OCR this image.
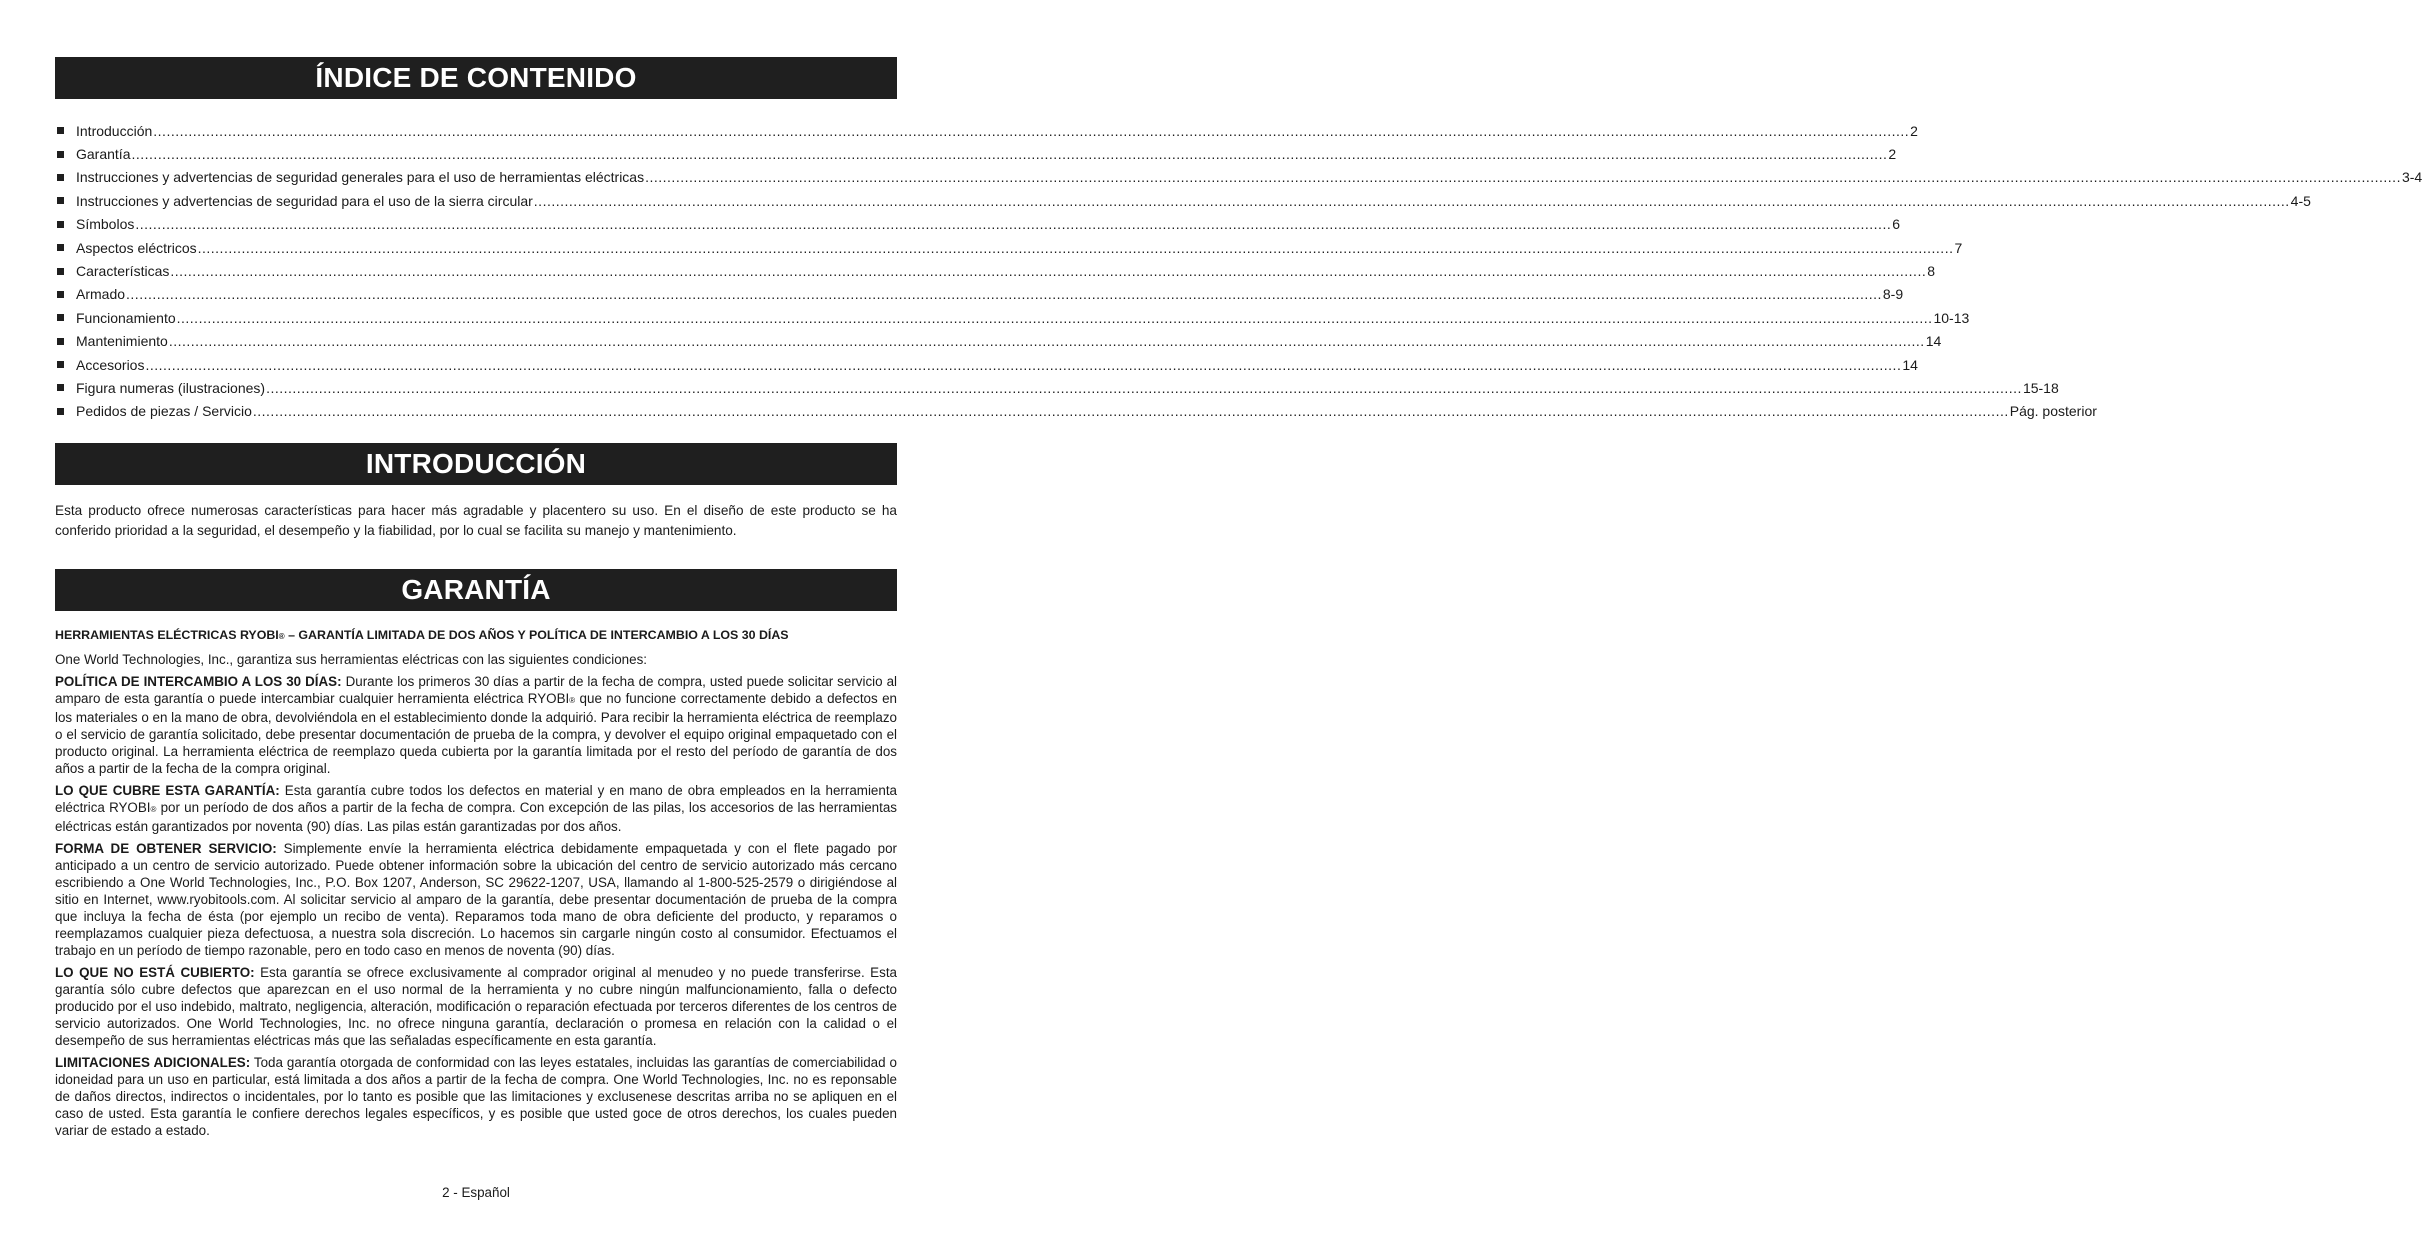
ÍNDICE DE CONTENIDO
Introducción ................................................................................................................................................................................................................................................................................................................................................................................................................ 2
Garantía ................................................................................................................................................................................................................................................................................................................................................................................................................ 2
Instrucciones y advertencias de seguridad generales para el uso de herramientas eléctricas ................................................................................................................................................................................................................................................................................................................................................................................................................ 3-4
Instrucciones y advertencias de seguridad para el uso de la sierra circular ................................................................................................................................................................................................................................................................................................................................................................................................................ 4-5
Símbolos ................................................................................................................................................................................................................................................................................................................................................................................................................ 6
Aspectos eléctricos ................................................................................................................................................................................................................................................................................................................................................................................................................ 7
Características ................................................................................................................................................................................................................................................................................................................................................................................................................ 8
Armado ................................................................................................................................................................................................................................................................................................................................................................................................................ 8-9
Funcionamiento ................................................................................................................................................................................................................................................................................................................................................................................................................ 10-13
Mantenimiento ................................................................................................................................................................................................................................................................................................................................................................................................................ 14
Accesorios ................................................................................................................................................................................................................................................................................................................................................................................................................ 14
Figura numeras (ilustraciones) ................................................................................................................................................................................................................................................................................................................................................................................................................ 15-18
Pedidos de piezas / Servicio ................................................................................................................................................................................................................................................................................................................................................................................................................ Pág. posterior
INTRODUCCIÓN
Esta producto ofrece numerosas características para hacer más agradable y placentero su uso. En el diseño de este producto se ha conferido prioridad a la seguridad, el desempeño y la fiabilidad, por lo cual se facilita su manejo y mantenimiento.
GARANTÍA
HERRAMIENTAS ELÉCTRICAS RYOBI® – GARANTÍA LIMITADA DE DOS AÑOS Y POLÍTICA DE INTERCAMBIO A LOS 30 DÍAS

One World Technologies, Inc., garantiza sus herramientas eléctricas con las siguientes condiciones:

POLÍTICA DE INTERCAMBIO A LOS 30 DÍAS: Durante los primeros 30 días a partir de la fecha de compra, usted puede solicitar servicio al amparo de esta garantía o puede intercambiar cualquier herramienta eléctrica RYOBI® que no funcione correctamente debido a defectos en los materiales o en la mano de obra, devolviéndola en el establecimiento donde la adquirió. Para recibir la herramienta eléctrica de reemplazo o el servicio de garantía solicitado, debe presentar documentación de prueba de la compra, y devolver el equipo original empaquetado con el producto original. La herramienta eléctrica de reemplazo queda cubierta por la garantía limitada por el resto del período de garantía de dos años a partir de la fecha de la compra original.

LO QUE CUBRE ESTA GARANTÍA: Esta garantía cubre todos los defectos en material y en mano de obra empleados en la herramienta eléctrica RYOBI® por un período de dos años a partir de la fecha de compra. Con excepción de las pilas, los accesorios de las herramientas eléctricas están garantizados por noventa (90) días. Las pilas están garantizadas por dos años.

FORMA DE OBTENER SERVICIO: Simplemente envíe la herramienta eléctrica debidamente empaquetada y con el flete pagado por anticipado a un centro de servicio autorizado. Puede obtener información sobre la ubicación del centro de servicio autorizado más cercano escribiendo a One World Technologies, Inc., P.O. Box 1207, Anderson, SC 29622-1207, USA, llamando al 1-800-525-2579 o dirigiéndose al sitio en Internet, www.ryobitools.com. Al solicitar servicio al amparo de la garantía, debe presentar documentación de prueba de la compra que incluya la fecha de ésta (por ejemplo un recibo de venta). Reparamos toda mano de obra deficiente del producto, y reparamos o reemplazamos cualquier pieza defectuosa, a nuestra sola discreción. Lo hacemos sin cargarle ningún costo al consumidor. Efectuamos el trabajo en un período de tiempo razonable, pero en todo caso en menos de noventa (90) días.

LO QUE NO ESTÁ CUBIERTO: Esta garantía se ofrece exclusivamente al comprador original al menudeo y no puede transferirse. Esta garantía sólo cubre defectos que aparezcan en el uso normal de la herramienta y no cubre ningún malfuncionamiento, falla o defecto producido por el uso indebido, maltrato, negligencia, alteración, modificación o reparación efectuada por terceros diferentes de los centros de servicio autorizados. One World Technologies, Inc. no ofrece ninguna garantía, declaración o promesa en relación con la calidad o el desempeño de sus herramientas eléctricas más que las señaladas específicamente en esta garantía.

LIMITACIONES ADICIONALES: Toda garantía otorgada de conformidad con las leyes estatales, incluidas las garantías de comerciabilidad o idoneidad para un uso en particular, está limitada a dos años a partir de la fecha de compra. One World Technologies, Inc. no es reponsable de daños directos, indirectos o incidentales, por lo tanto es posible que las limitaciones y exclusenese descritas arriba no se apliquen en el caso de usted. Esta garantía le confiere derechos legales específicos, y es posible que usted goce de otros derechos, los cuales pueden variar de estado a estado.

2 - Español
